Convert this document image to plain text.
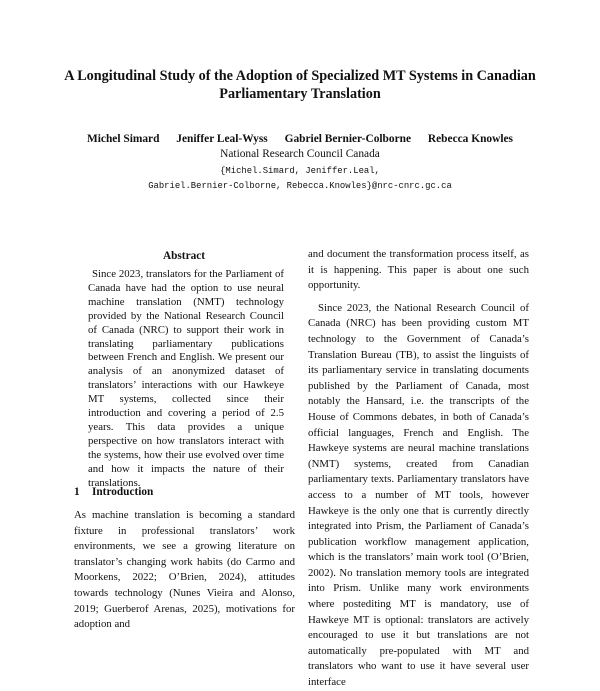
A Longitudinal Study of the Adoption of Specialized MT Systems in Canadian Parliamentary Translation
Michel Simard Jeniffer Leal-Wyss Gabriel Bernier-Colborne Rebecca Knowles
National Research Council Canada
{Michel.Simard, Jeniffer.Leal,
Gabriel.Bernier-Colborne, Rebecca.Knowles}@nrc-cnrc.gc.ca
Abstract

Since 2023, translators for the Parliament of Canada have had the option to use neural machine translation (NMT) technology provided by the National Research Council of Canada (NRC) to support their work in translating parliamentary publications between French and English. We present our analysis of an anonymized dataset of translators’ interactions with our Hawkeye MT systems, collected since their introduction and covering a period of 2.5 years. This data provides a unique perspective on how translators interact with the systems, how their use evolved over time and how it impacts the nature of their translations.

1 Introduction

As machine translation is becoming a standard fixture in professional translators’ work environments, we see a growing literature on translator’s changing work habits (do Carmo and Moorkens, 2022; O’Brien, 2024), attitudes towards technology (Nunes Vieira and Alonso, 2019; Guerberof Arenas, 2025), motivations for adoption and

and document the transformation process itself, as it is happening. This paper is about one such opportunity.

Since 2023, the National Research Council of Canada (NRC) has been providing custom MT technology to the Government of Canada’s Translation Bureau (TB), to assist the linguists of its parliamentary service in translating documents published by the Parliament of Canada, most notably the Hansard, i.e. the transcripts of the House of Commons debates, in both of Canada’s official languages, French and English. The Hawkeye systems are neural machine translations (NMT) systems, created from Canadian parliamentary texts. Parliamentary translators have access to a number of MT tools, however Hawkeye is the only one that is currently directly integrated into Prism, the Parliament of Canada’s publication workflow management application, which is the translators’ main work tool (O’Brien, 2002). No translation memory tools are integrated into Prism. Unlike many work environments where postediting MT is mandatory, use of Hawkeye MT is optional: translators are actively encouraged to use it but translations are not automatically pre-populated with MT and translators who want to use it have several user interface
